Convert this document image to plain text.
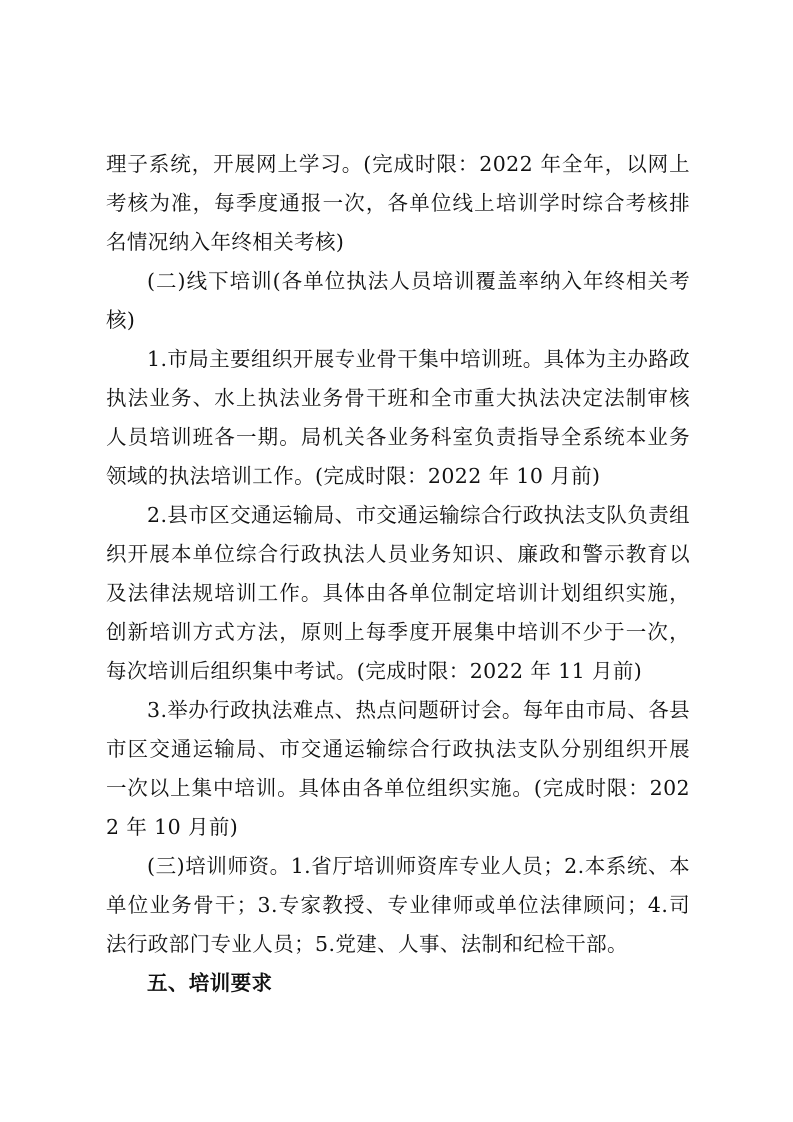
理子系统，开展网上学习。(完成时限：2022 年全年，以网上考核为准，每季度通报一次，各单位线上培训学时综合考核排名情况纳入年终相关考核)

(二)线下培训(各单位执法人员培训覆盖率纳入年终相关考核)

1.市局主要组织开展专业骨干集中培训班。具体为主办路政执法业务、水上执法业务骨干班和全市重大执法决定法制审核人员培训班各一期。局机关各业务科室负责指导全系统本业务领域的执法培训工作。(完成时限：2022 年 10 月前)

2.县市区交通运输局、市交通运输综合行政执法支队负责组织开展本单位综合行政执法人员业务知识、廉政和警示教育以及法律法规培训工作。具体由各单位制定培训计划组织实施，创新培训方式方法，原则上每季度开展集中培训不少于一次，每次培训后组织集中考试。(完成时限：2022 年 11 月前)

3.举办行政执法难点、热点问题研讨会。每年由市局、各县市区交通运输局、市交通运输综合行政执法支队分别组织开展一次以上集中培训。具体由各单位组织实施。(完成时限：2022 年 10 月前)

(三)培训师资。1.省厅培训师资库专业人员；2.本系统、本单位业务骨干；3.专家教授、专业律师或单位法律顾问；4.司法行政部门专业人员；5.党建、人事、法制和纪检干部。

五、培训要求
